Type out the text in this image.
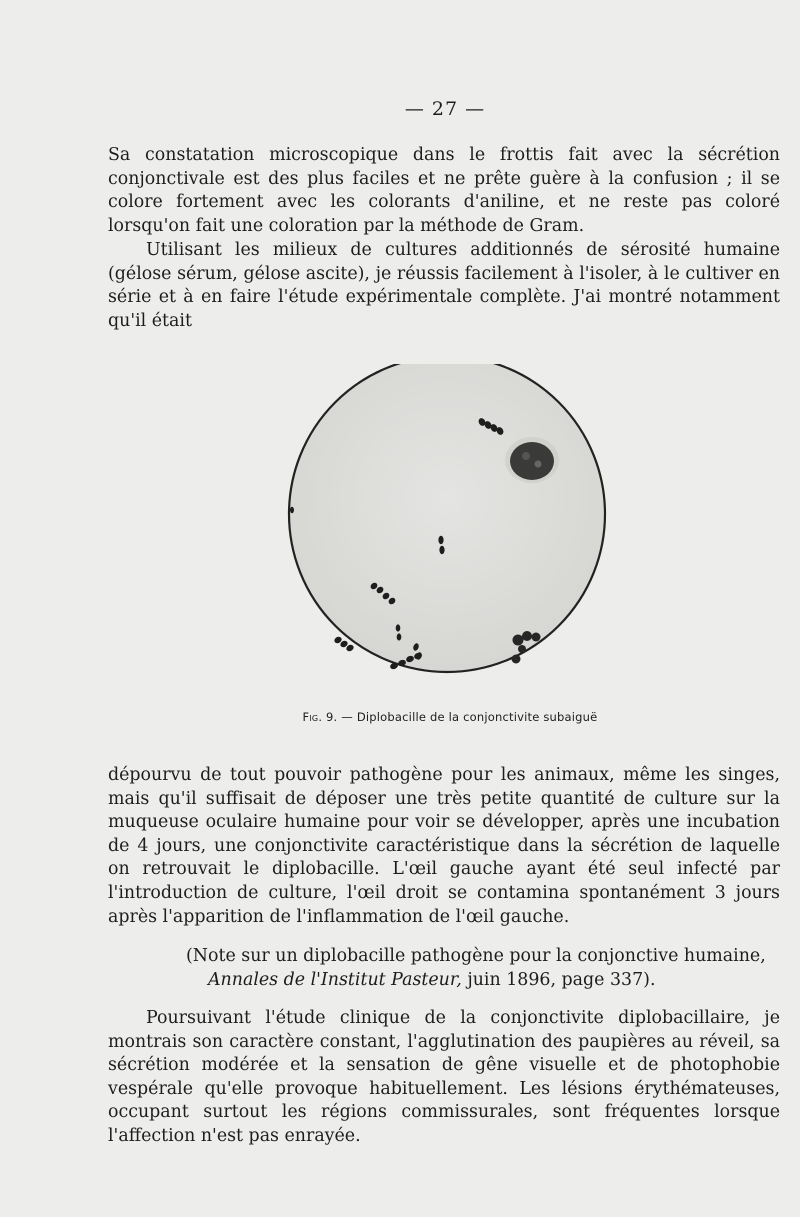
— 27 —

Sa constatation microscopique dans le frottis fait avec la sécrétion conjonctivale est des plus faciles et ne prête guère à la confusion ; il se colore fortement avec les colorants d'aniline, et ne reste pas coloré lorsqu'on fait une coloration par la méthode de Gram.

Utilisant les milieux de cultures additionnés de sérosité humaine (gélose sérum, gélose ascite), je réussis facilement à l'isoler, à le cultiver en série et à en faire l'étude expérimentale complète. J'ai montré notamment qu'il était

Fig. 9. — Diplobacille de la conjonctivite subaiguë

dépourvu de tout pouvoir pathogène pour les animaux, même les singes, mais qu'il suffisait de déposer une très petite quantité de culture sur la muqueuse oculaire humaine pour voir se développer, après une incubation de 4 jours, une conjonctivite caractéristique dans la sécrétion de laquelle on retrouvait le diplobacille. L'œil gauche ayant été seul infecté par l'introduction de culture, l'œil droit se contamina spontanément 3 jours après l'apparition de l'inflammation de l'œil gauche.

(Note sur un diplobacille pathogène pour la conjonctive humaine,
Annales de l'Institut Pasteur, juin 1896, page 337).

Poursuivant l'étude clinique de la conjonctivite diplobacillaire, je montrais son caractère constant, l'agglutination des paupières au réveil, sa sécrétion modérée et la sensation de gêne visuelle et de photophobie vespérale qu'elle provoque habituellement. Les lésions érythémateuses, occupant surtout les régions commissurales, sont fréquentes lorsque l'affection n'est pas enrayée.
